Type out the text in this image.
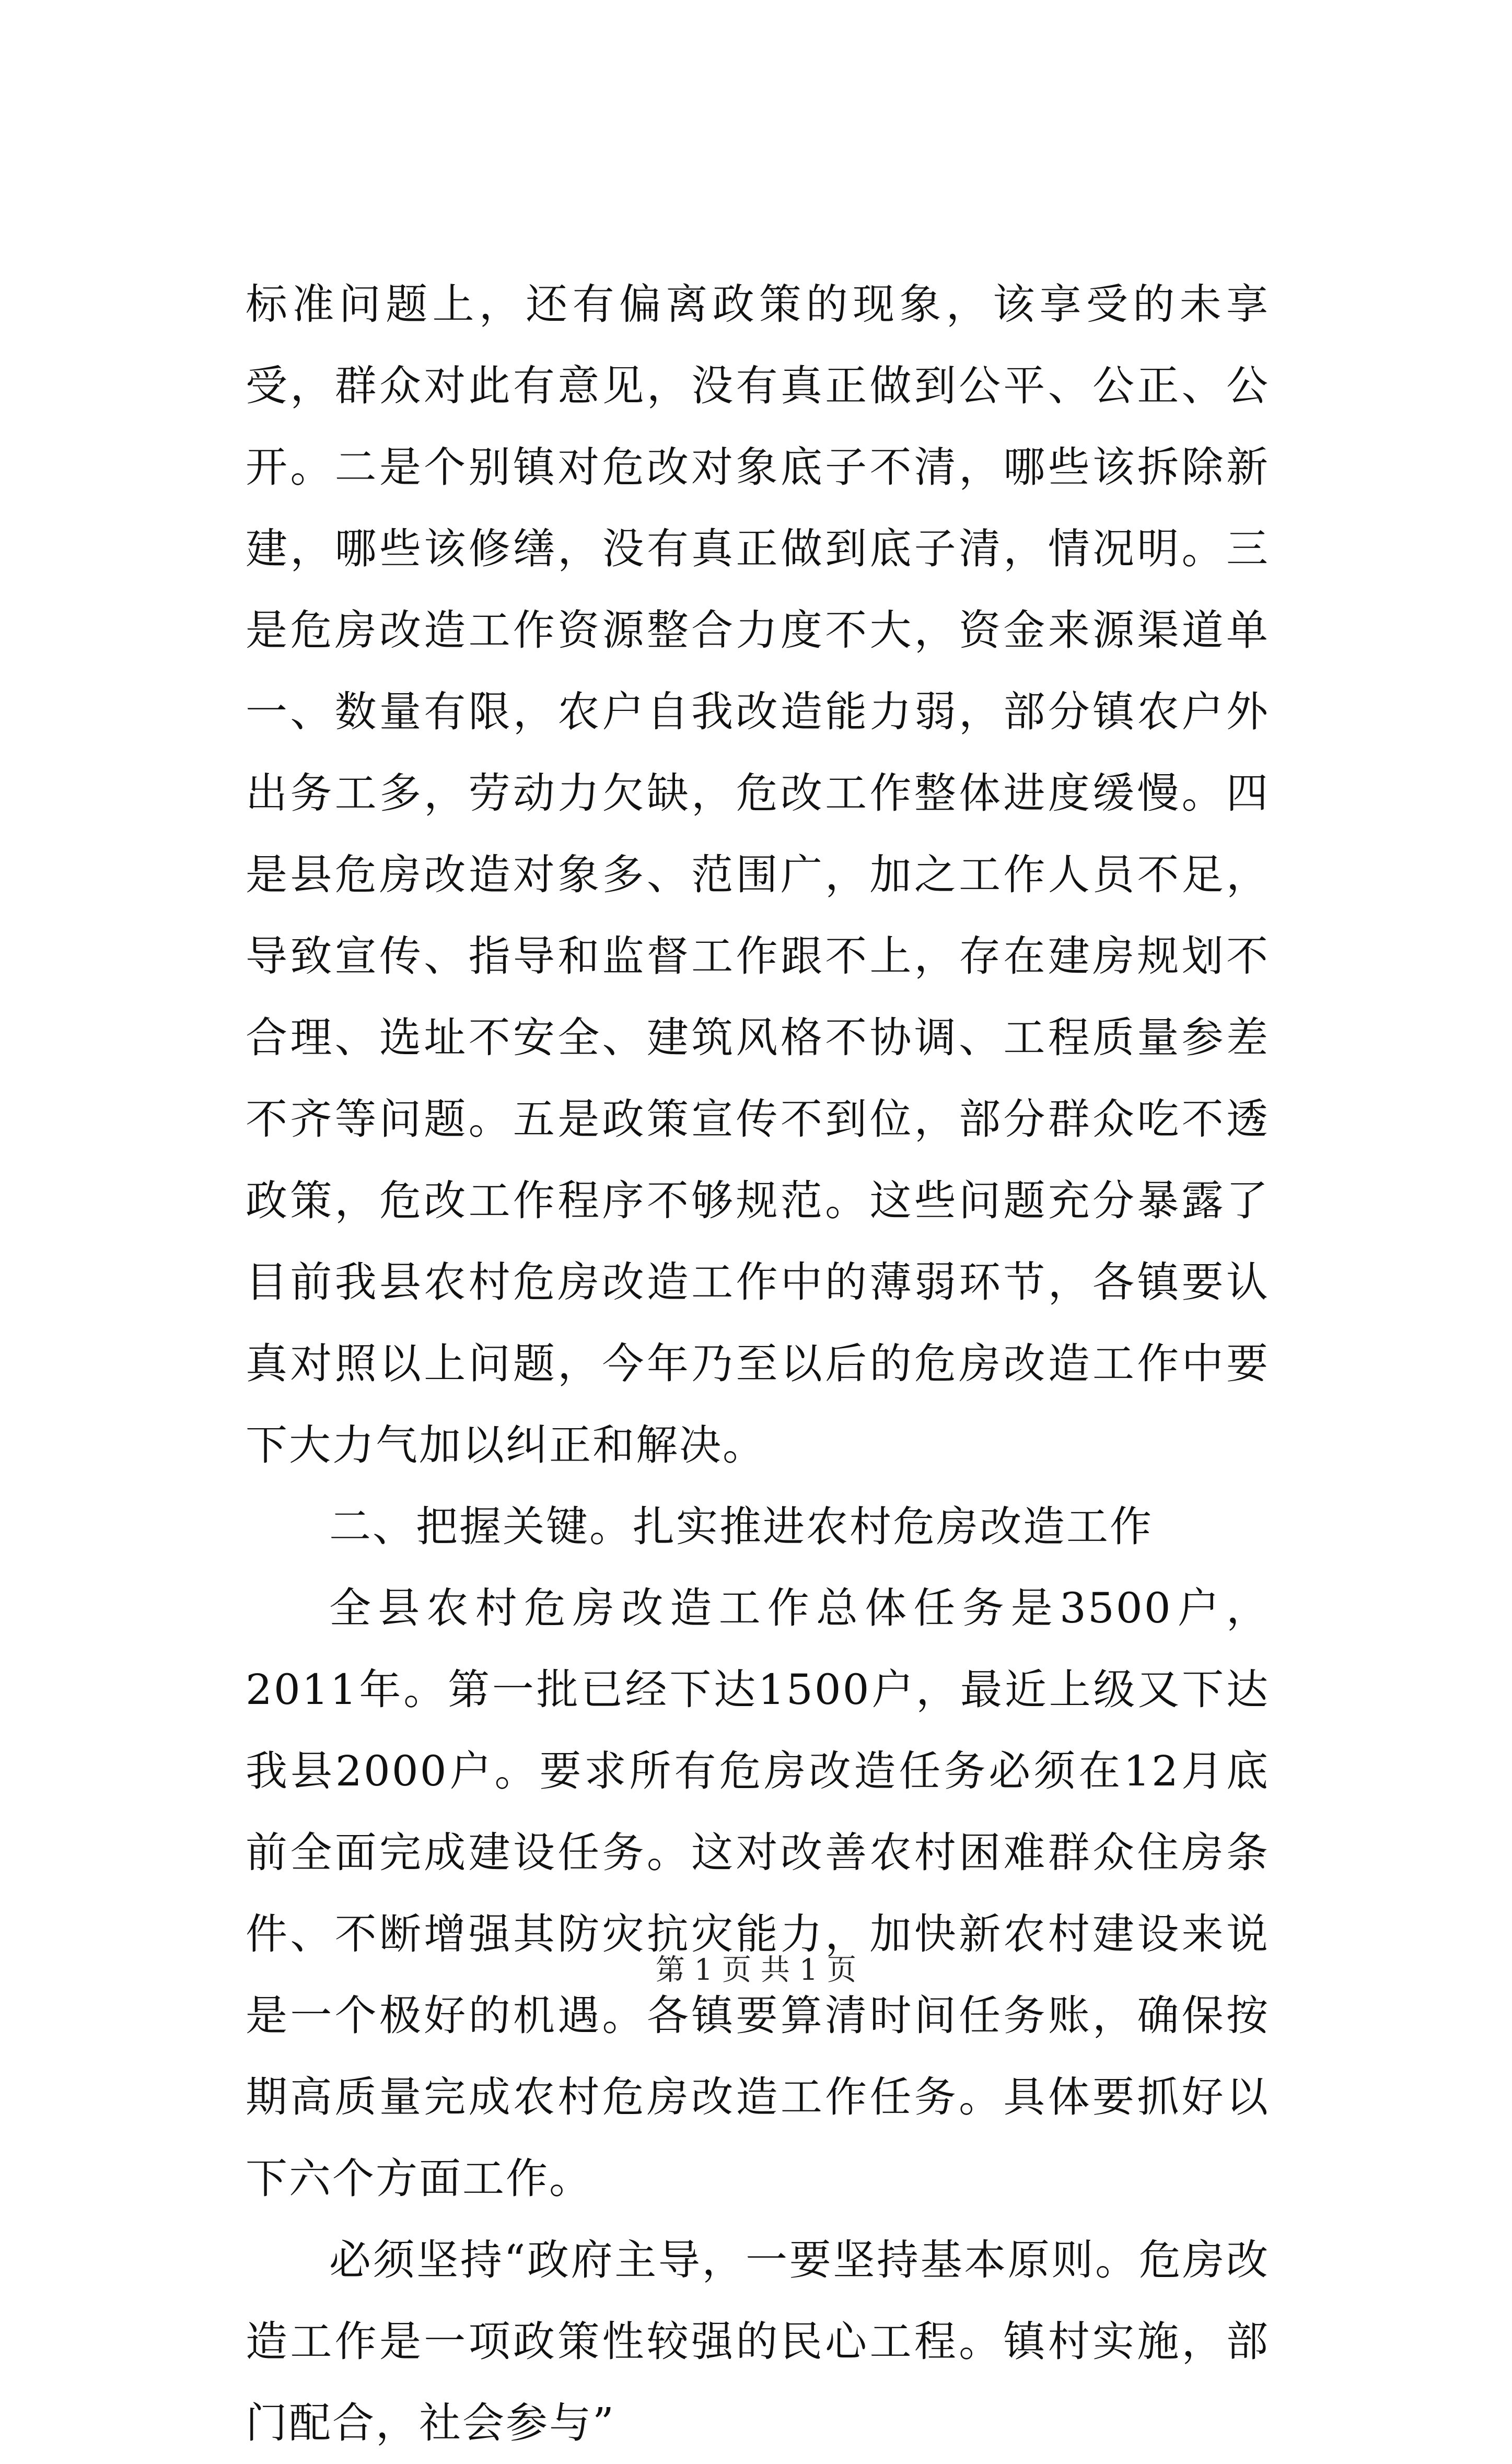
标准问题上，还有偏离政策的现象，该享受的未享受，群众对此有意见，没有真正做到公平、公正、公开。二是个别镇对危改对象底子不清，哪些该拆除新建，哪些该修缮，没有真正做到底子清，情况明。三是危房改造工作资源整合力度不大，资金来源渠道单一、数量有限，农户自我改造能力弱，部分镇农户外出务工多，劳动力欠缺，危改工作整体进度缓慢。四是县危房改造对象多、范围广，加之工作人员不足，导致宣传、指导和监督工作跟不上，存在建房规划不合理、选址不安全、建筑风格不协调、工程质量参差不齐等问题。五是政策宣传不到位，部分群众吃不透政策，危改工作程序不够规范。这些问题充分暴露了目前我县农村危房改造工作中的薄弱环节，各镇要认真对照以上问题，今年乃至以后的危房改造工作中要下大力气加以纠正和解决。

二、把握关键。扎实推进农村危房改造工作

全县农村危房改造工作总体任务是3500户，2011年。第一批已经下达1500户，最近上级又下达我县2000户。要求所有危房改造任务必须在12月底前全面完成建设任务。这对改善农村困难群众住房条件、不断增强其防灾抗灾能力，加快新农村建设来说是一个极好的机遇。各镇要算清时间任务账，确保按期高质量完成农村危房改造工作任务。具体要抓好以下六个方面工作。

必须坚持“政府主导，一要坚持基本原则。危房改造工作是一项政策性较强的民心工程。镇村实施，部门配合，社会参与”

第 1 页 共 1 页
